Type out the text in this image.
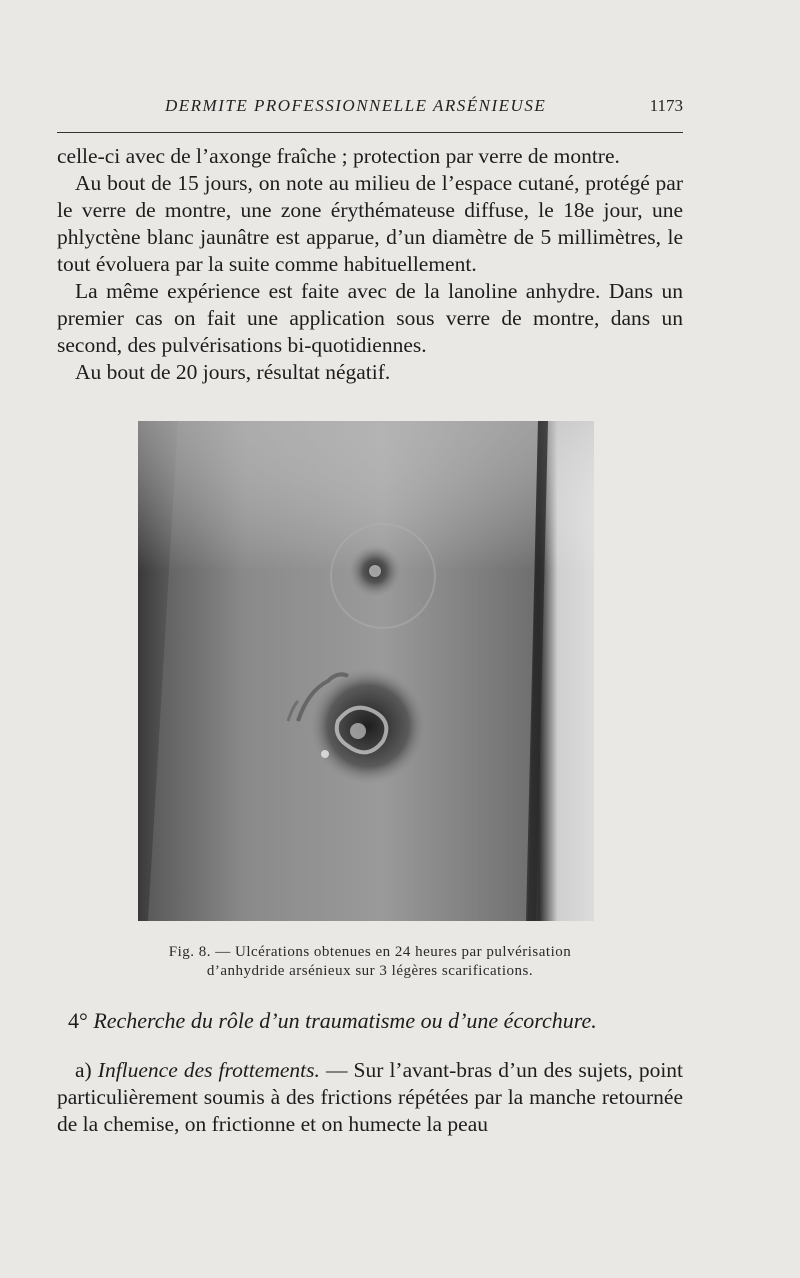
DERMITE PROFESSIONNELLE ARSÉNIEUSE	1173

celle-ci avec de l’axonge fraîche ; protection par verre de montre.

Au bout de 15 jours, on note au milieu de l’espace cutané, protégé par le verre de montre, une zone érythémateuse diffuse, le 18e jour, une phlyctène blanc jaunâtre est apparue, d’un diamètre de 5 millimètres, le tout évoluera par la suite comme habituellement.

La même expérience est faite avec de la lanoline anhydre. Dans un premier cas on fait une application sous verre de montre, dans un second, des pulvérisations bi-quotidiennes.

Au bout de 20 jours, résultat négatif.

Fig. 8. — Ulcérations obtenues en 24 heures par pulvérisation
d’anhydride arsénieux sur 3 légères scarifications.
4° Recherche du rôle d’un traumatisme ou d’une écorchure.

a) Influence des frottements. — Sur l’avant-bras d’un des sujets, point particulièrement soumis à des frictions répétées par la manche retournée de la chemise, on frictionne et on humecte la peau
